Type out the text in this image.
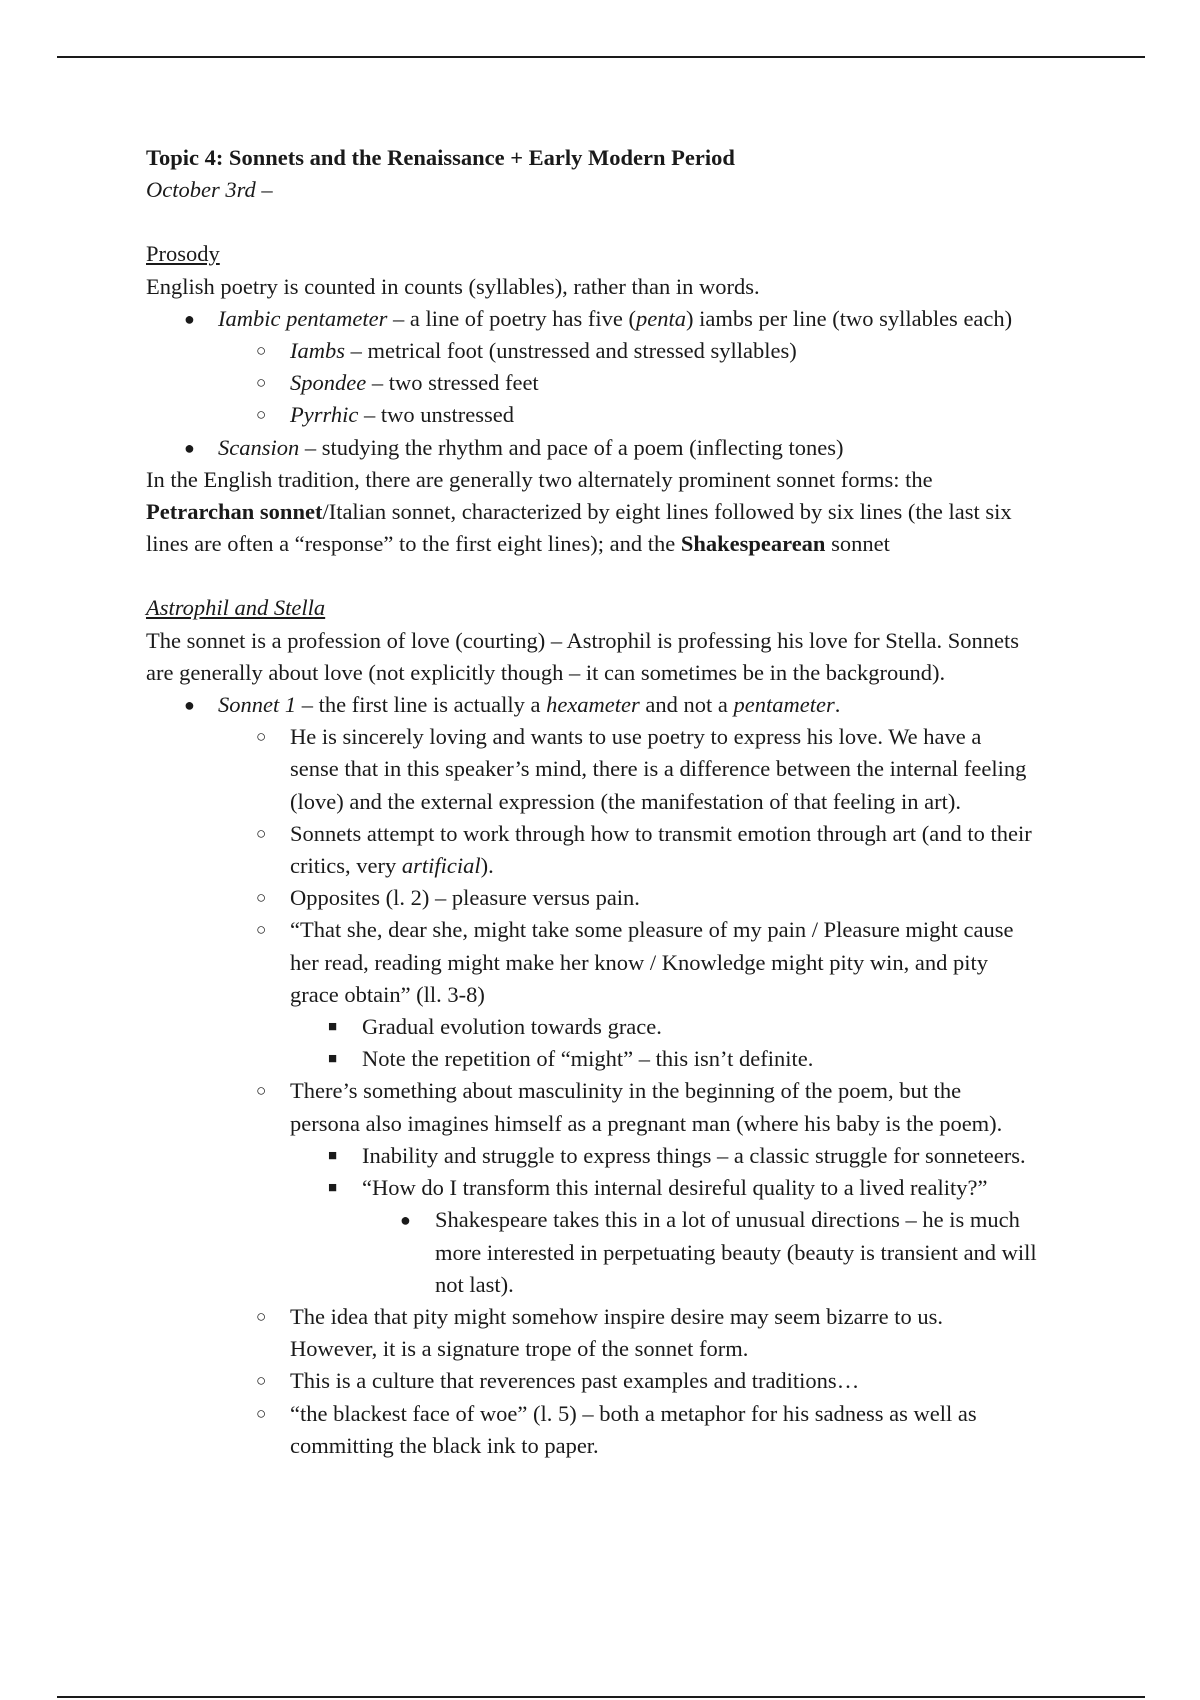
Topic 4: Sonnets and the Renaissance + Early Modern Period
October 3rd –
Prosody
English poetry is counted in counts (syllables), rather than in words.
● Iambic pentameter – a line of poetry has five (penta) iambs per line (two syllables each)
○ Iambs – metrical foot (unstressed and stressed syllables)
○ Spondee – two stressed feet
○ Pyrrhic – two unstressed
● Scansion – studying the rhythm and pace of a poem (inflecting tones)
In the English tradition, there are generally two alternately prominent sonnet forms: the
Petrarchan sonnet/Italian sonnet, characterized by eight lines followed by six lines (the last six
lines are often a “response” to the first eight lines); and the Shakespearean sonnet
Astrophil and Stella
The sonnet is a profession of love (courting) – Astrophil is professing his love for Stella. Sonnets
are generally about love (not explicitly though – it can sometimes be in the background).
● Sonnet 1 – the first line is actually a hexameter and not a pentameter.
○ He is sincerely loving and wants to use poetry to express his love. We have a
sense that in this speaker’s mind, there is a difference between the internal feeling
(love) and the external expression (the manifestation of that feeling in art).
○ Sonnets attempt to work through how to transmit emotion through art (and to their
critics, very artificial).
○ Opposites (l. 2) – pleasure versus pain.
○ “That she, dear she, might take some pleasure of my pain / Pleasure might cause
her read, reading might make her know / Knowledge might pity win, and pity
grace obtain” (ll. 3-8)
■ Gradual evolution towards grace.
■ Note the repetition of “might” – this isn’t definite.
○ There’s something about masculinity in the beginning of the poem, but the
persona also imagines himself as a pregnant man (where his baby is the poem).
■ Inability and struggle to express things – a classic struggle for sonneteers.
■ “How do I transform this internal desireful quality to a lived reality?”
● Shakespeare takes this in a lot of unusual directions – he is much
more interested in perpetuating beauty (beauty is transient and will
not last).
○ The idea that pity might somehow inspire desire may seem bizarre to us.
However, it is a signature trope of the sonnet form.
○ This is a culture that reverences past examples and traditions…
○ “the blackest face of woe” (l. 5) – both a metaphor for his sadness as well as
committing the black ink to paper.
